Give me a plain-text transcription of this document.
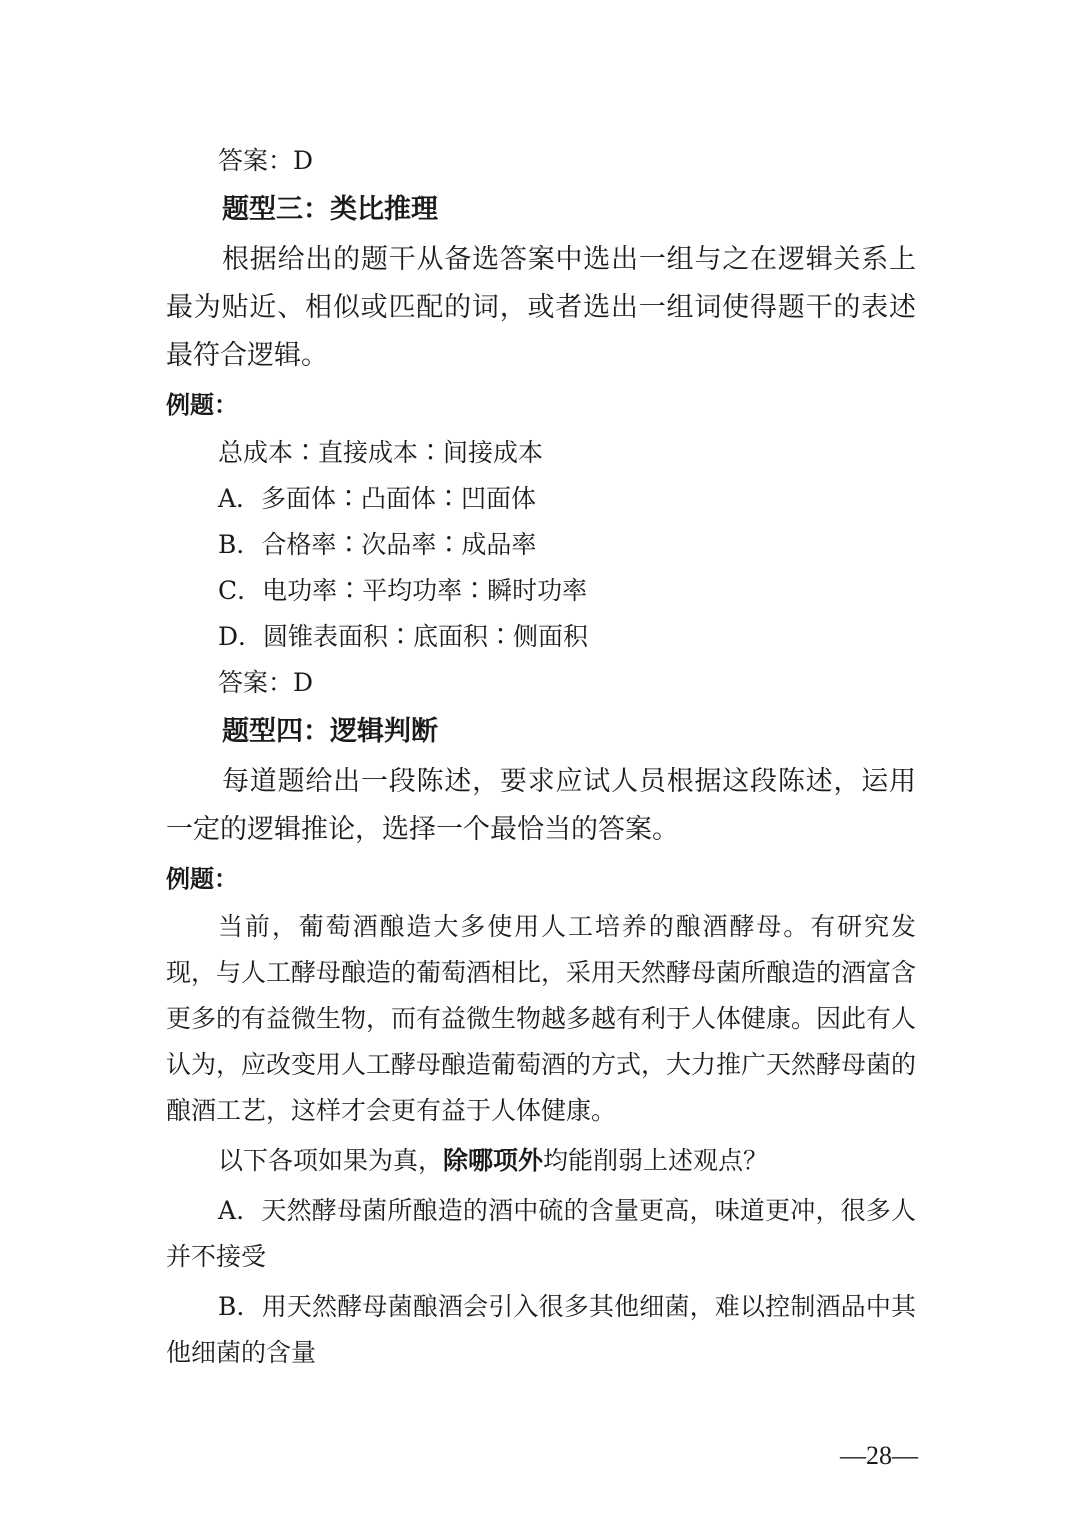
答案：D
题型三：类比推理
根据给出的题干从备选答案中选出一组与之在逻辑关系上最为贴近、相似或匹配的词，或者选出一组词使得题干的表述最符合逻辑。
例题：
总成本∶直接成本∶间接成本
A．多面体∶凸面体∶凹面体
B．合格率∶次品率∶成品率
C．电功率∶平均功率∶瞬时功率
D．圆锥表面积∶底面积∶侧面积
答案：D
题型四：逻辑判断
每道题给出一段陈述，要求应试人员根据这段陈述，运用一定的逻辑推论，选择一个最恰当的答案。
例题：
当前，葡萄酒酿造大多使用人工培养的酿酒酵母。有研究发现，与人工酵母酿造的葡萄酒相比，采用天然酵母菌所酿造的酒富含更多的有益微生物，而有益微生物越多越有利于人体健康。因此有人认为，应改变用人工酵母酿造葡萄酒的方式，大力推广天然酵母菌的酿酒工艺，这样才会更有益于人体健康。
以下各项如果为真，除哪项外均能削弱上述观点？
A．天然酵母菌所酿造的酒中硫的含量更高，味道更冲，很多人并不接受
B．用天然酵母菌酿酒会引入很多其他细菌，难以控制酒品中其他细菌的含量
—28—
